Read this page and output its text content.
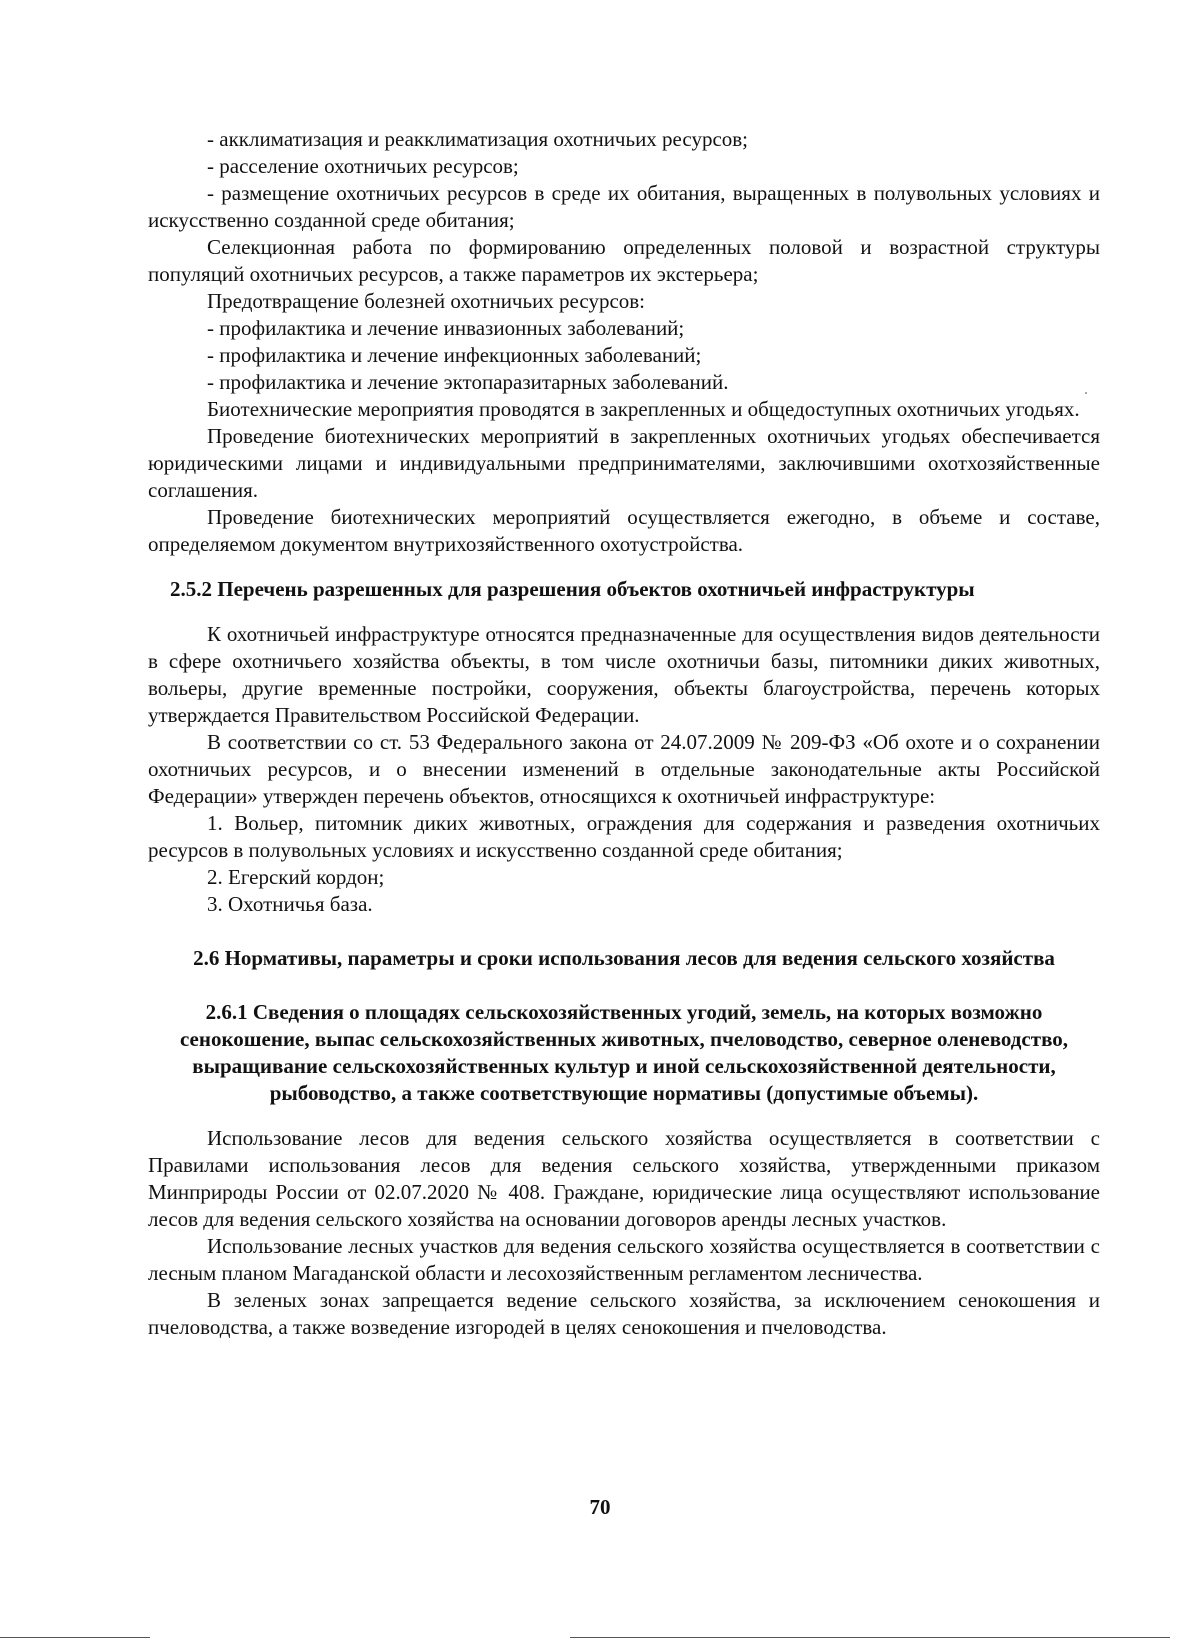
- акклиматизация и реакклиматизация охотничьих ресурсов;

- расселение охотничьих ресурсов;

- размещение охотничьих ресурсов в среде их обитания, выращенных в полувольных условиях и искусственно созданной среде обитания;

Селекционная работа по формированию определенных половой и возрастной структуры популяций охотничьих ресурсов, а также параметров их экстерьера;

Предотвращение болезней охотничьих ресурсов:

- профилактика и лечение инвазионных заболеваний;

- профилактика и лечение инфекционных заболеваний;

- профилактика и лечение эктопаразитарных заболеваний.

Биотехнические мероприятия проводятся в закрепленных и общедоступных охотничьих угодьях.

Проведение биотехнических мероприятий в закрепленных охотничьих угодьях обеспечивается юридическими лицами и индивидуальными предпринимателями, заключившими охотхозяйственные соглашения.

Проведение биотехнических мероприятий осуществляется ежегодно, в объеме и составе, определяемом документом внутрихозяйственного охотустройства.

2.5.2 Перечень разрешенных для разрешения объектов охотничьей инфраструктуры

К охотничьей инфраструктуре относятся предназначенные для осуществления видов деятельности в сфере охотничьего хозяйства объекты, в том числе охотничьи базы, питомники диких животных, вольеры, другие временные постройки, сооружения, объекты благоустройства, перечень которых утверждается Правительством Российской Федерации.

В соответствии со ст. 53 Федерального закона от 24.07.2009 № 209-ФЗ «Об охоте и о сохранении охотничьих ресурсов, и о внесении изменений в отдельные законодательные акты Российской Федерации» утвержден перечень объектов, относящихся к охотничьей инфраструктуре:

1. Вольер, питомник диких животных, ограждения для содержания и разведения охотничьих ресурсов в полувольных условиях и искусственно созданной среде обитания;

2. Егерский кордон;

3. Охотничья база.

2.6 Нормативы, параметры и сроки использования лесов для ведения сельского хозяйства

2.6.1 Сведения о площадях сельскохозяйственных угодий, земель, на которых возможно сенокошение, выпас сельскохозяйственных животных, пчеловодство, северное оленеводство, выращивание сельскохозяйственных культур и иной сельскохозяйственной деятельности, рыбоводство, а также соответствующие нормативы (допустимые объемы).

Использование лесов для ведения сельского хозяйства осуществляется в соответствии с Правилами использования лесов для ведения сельского хозяйства, утвержденными приказом Минприроды России от 02.07.2020 № 408. Граждане, юридические лица осуществляют использование лесов для ведения сельского хозяйства на основании договоров аренды лесных участков.

Использование лесных участков для ведения сельского хозяйства осуществляется в соответствии с лесным планом Магаданской области и лесохозяйственным регламентом лесничества.

В зеленых зонах запрещается ведение сельского хозяйства, за исключением сенокошения и пчеловодства, а также возведение изгородей в целях сенокошения и пчеловодства.

70
